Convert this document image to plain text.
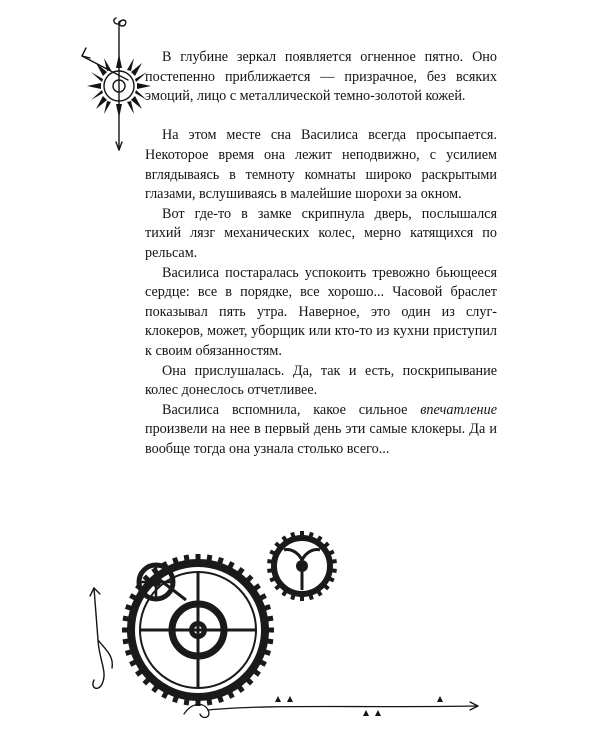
В глубине зеркал появляется огненное пятно. Оно постепенно приближается — призрачное, без всяких эмоций, лицо с металлической темно-золотой кожей.

На этом месте сна Василиса всегда просыпается. Некоторое время она лежит неподвижно, с усилием вглядываясь в темноту комнаты широко раскрытыми глазами, вслушиваясь в малейшие шорохи за окном.

Вот где-то в замке скрипнула дверь, послышался тихий лязг механических колес, мерно катящихся по рельсам.

Василиса постаралась успокоить тревожно бьющееся сердце: все в порядке, все хорошо... Часовой браслет показывал пять утра. Наверное, это один из слуг-клокеров, может, уборщик или кто-то из кухни приступил к своим обязанностям.

Она прислушалась. Да, так и есть, поскрипывание колес донеслось отчетливее.

Василиса вспомнила, какое сильное впечатление произвели на нее в первый день эти самые клокеры. Да и вообще тогда она узнала столько всего...
